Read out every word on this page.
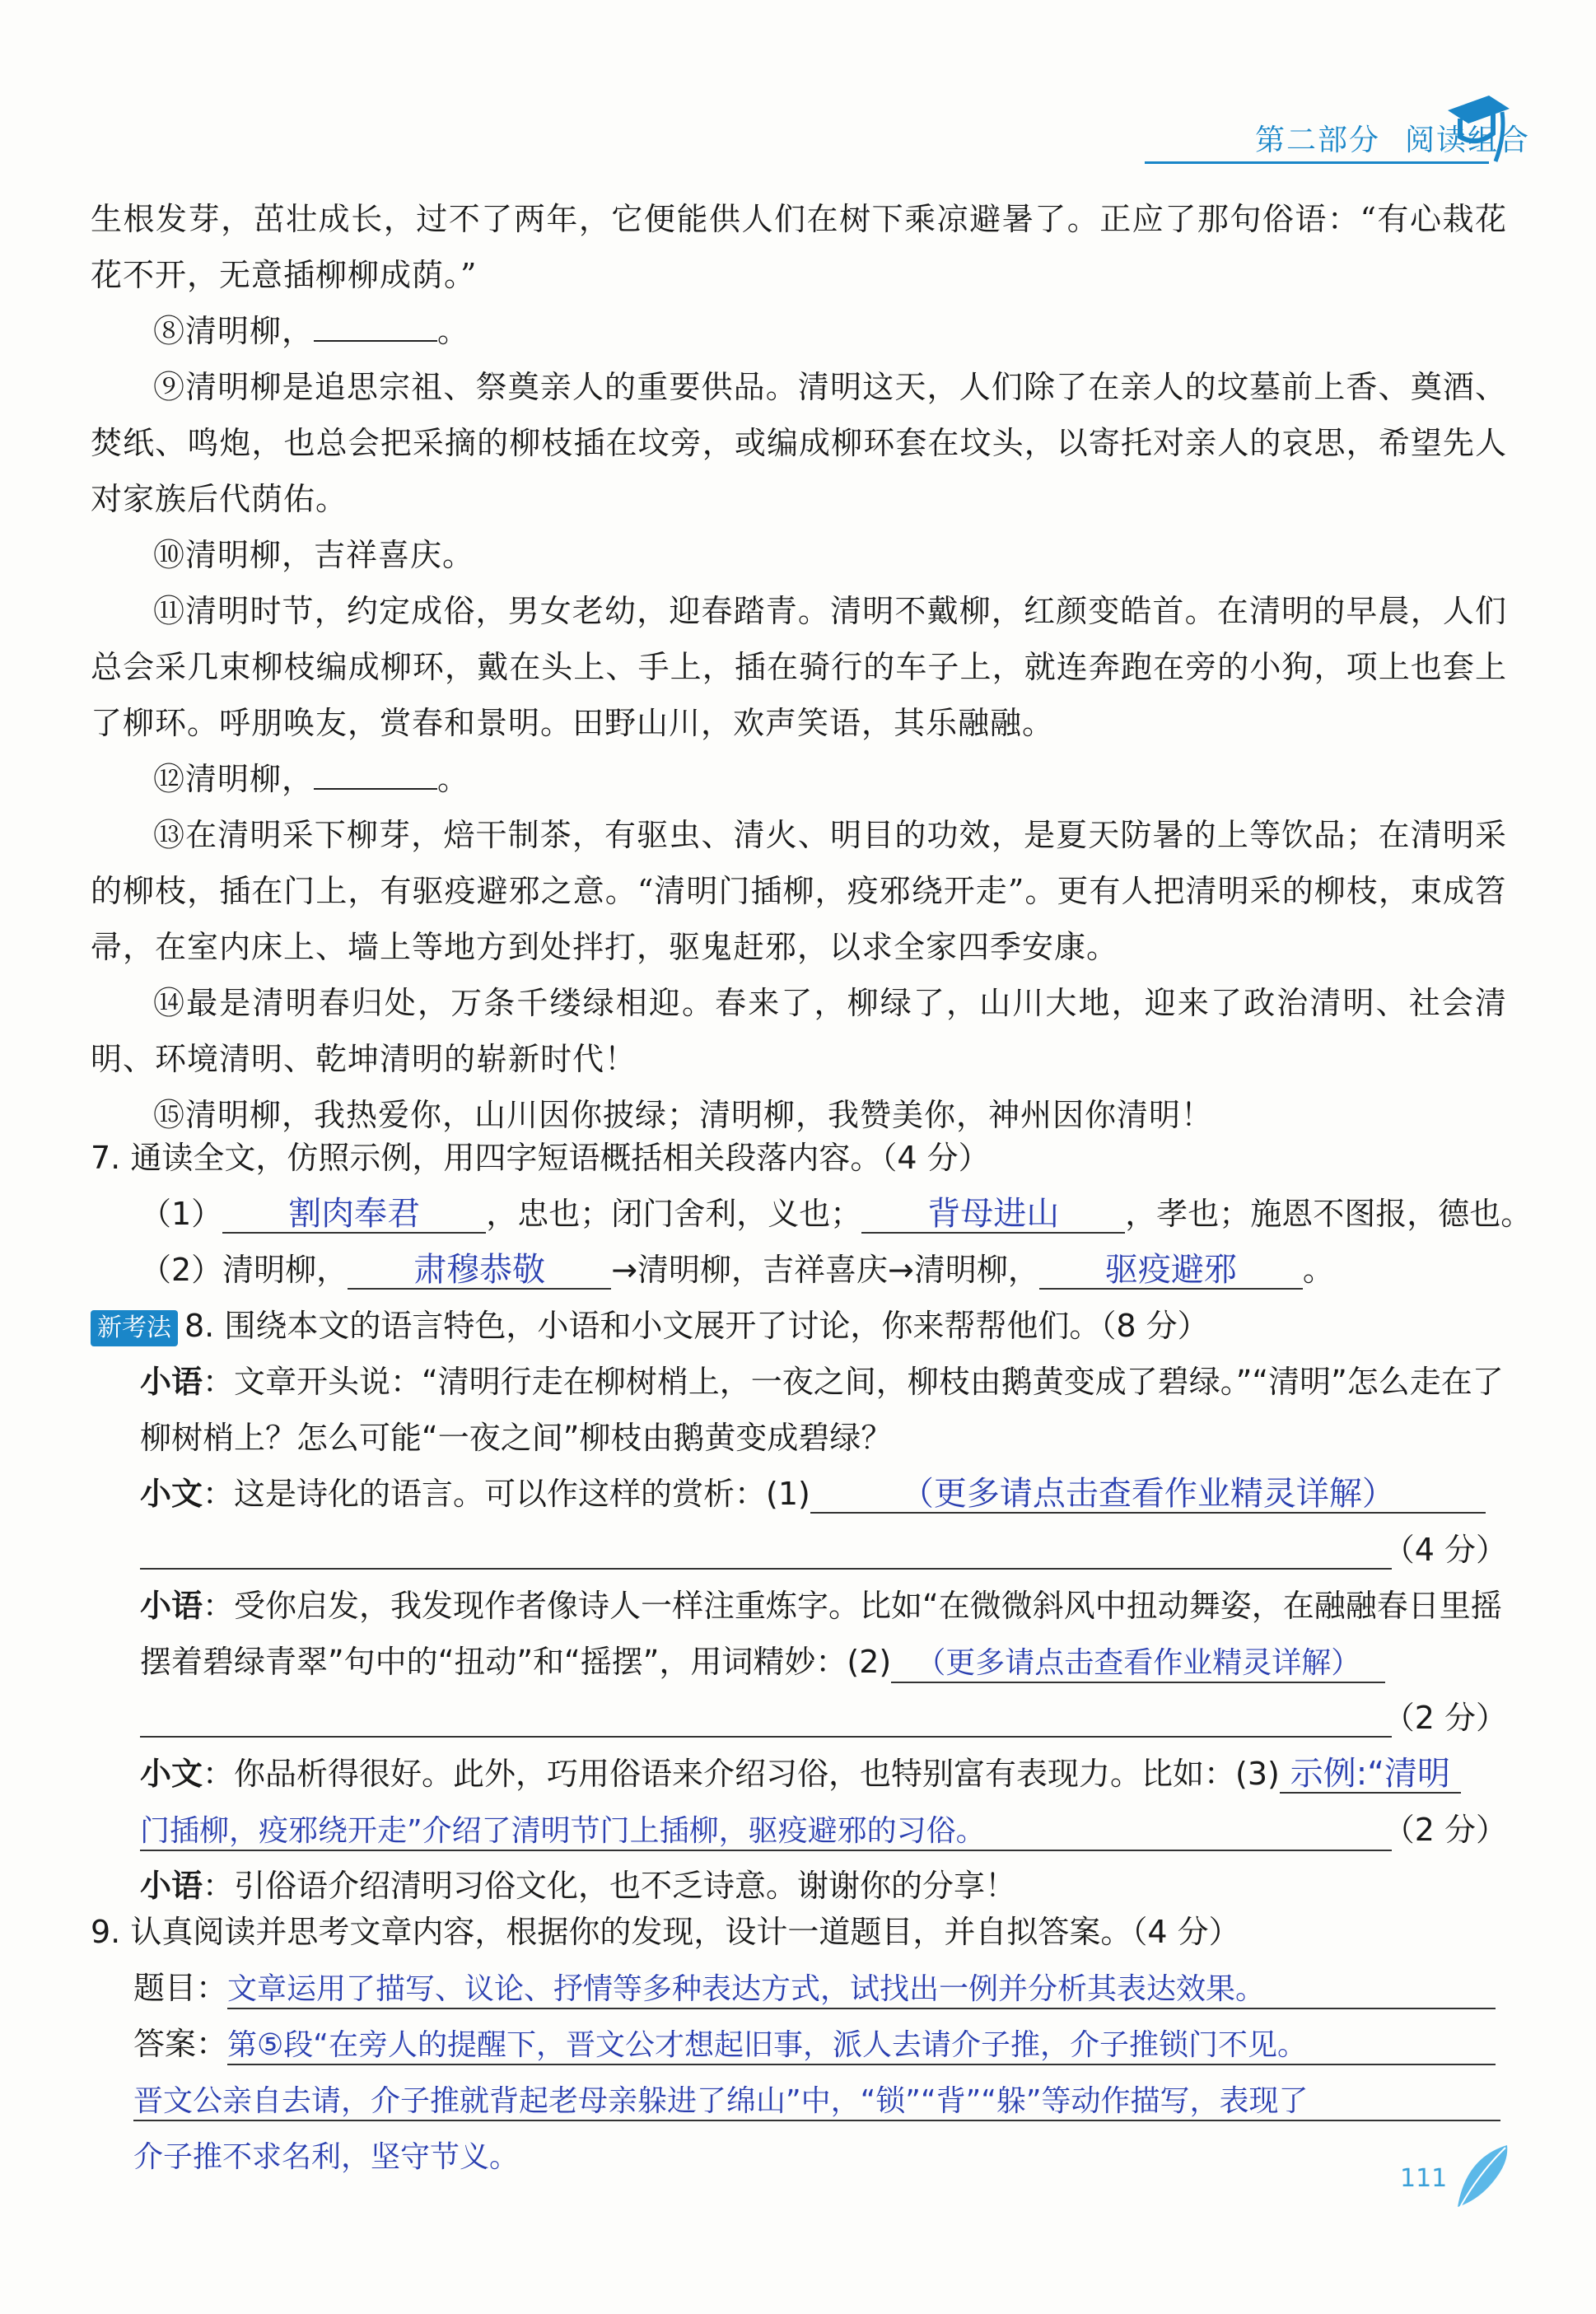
第二部分 阅读组合

生根发芽，茁壮成长，过不了两年，它便能供人们在树下乘凉避暑了。正应了那句俗语：“有心栽花花不开，无意插柳柳成荫。”

⑧清明柳，	。

⑨清明柳是追思宗祖、祭奠亲人的重要供品。清明这天，人们除了在亲人的坟墓前上香、奠酒、焚纸、鸣炮，也总会把采摘的柳枝插在坟旁，或编成柳环套在坟头，以寄托对亲人的哀思，希望先人对家族后代荫佑。

⑩清明柳，吉祥喜庆。

⑪清明时节，约定成俗，男女老幼，迎春踏青。清明不戴柳，红颜变皓首。在清明的早晨，人们总会采几束柳枝编成柳环，戴在头上、手上，插在骑行的车子上，就连奔跑在旁的小狗，项上也套上了柳环。呼朋唤友，赏春和景明。田野山川，欢声笑语，其乐融融。

⑫清明柳，	。

⑬在清明采下柳芽，焙干制茶，有驱虫、清火、明目的功效，是夏天防暑的上等饮品；在清明采的柳枝，插在门上，有驱疫避邪之意。“清明门插柳，疫邪绕开走”。更有人把清明采的柳枝，束成笤帚，在室内床上、墙上等地方到处拌打，驱鬼赶邪，以求全家四季安康。

⑭最是清明春归处，万条千缕绿相迎。春来了，柳绿了，山川大地，迎来了政治清明、社会清明、环境清明、乾坤清明的崭新时代！

⑮清明柳，我热爱你，山川因你披绿；清明柳，我赞美你，神州因你清明！

7. 通读全文，仿照示例，用四字短语概括相关段落内容。（4 分）

（1） 割肉奉君 ，忠也；闭门舍利，义也； 背母进山 ，孝也；施恩不图报，德也。

（2）清明柳， 肃穆恭敬 →清明柳，吉祥喜庆→清明柳， 驱疫避邪 。

新考法 8. 围绕本文的语言特色，小语和小文展开了讨论，你来帮帮他们。（8 分）

小语：文章开头说：“清明行走在柳树梢上，一夜之间，柳枝由鹅黄变成了碧绿。”“清明”怎么走在了柳树梢上？怎么可能“一夜之间”柳枝由鹅黄变成碧绿？

小文：这是诗化的语言。可以作这样的赏析：(1)	（更多请点击查看作业精灵详解）

（4 分）

小语：受你启发，我发现作者像诗人一样注重炼字。比如“在微微斜风中扭动舞姿，在融融春日里摇摆着碧绿青翠”句中的“扭动”和“摇摆”，用词精妙：(2) （更多请点击查看作业精灵详解）

（2 分）

小文：你品析得很好。此外，巧用俗语来介绍习俗，也特别富有表现力。比如：(3) 示例:“清明

门插柳，疫邪绕开走”介绍了清明节门上插柳，驱疫避邪的习俗。	（2 分）

小语：引俗语介绍清明习俗文化，也不乏诗意。谢谢你的分享！

9. 认真阅读并思考文章内容，根据你的发现，设计一道题目，并自拟答案。（4 分）

题目：文章运用了描写、议论、抒情等多种表达方式，试找出一例并分析其表达效果。

答案：第⑤段“在旁人的提醒下，晋文公才想起旧事，派人去请介子推，介子推锁门不见。

晋文公亲自去请，介子推就背起老母亲躲进了绵山”中，“锁”“背”“躲”等动作描写，表现了

介子推不求名利，坚守节义。

111
